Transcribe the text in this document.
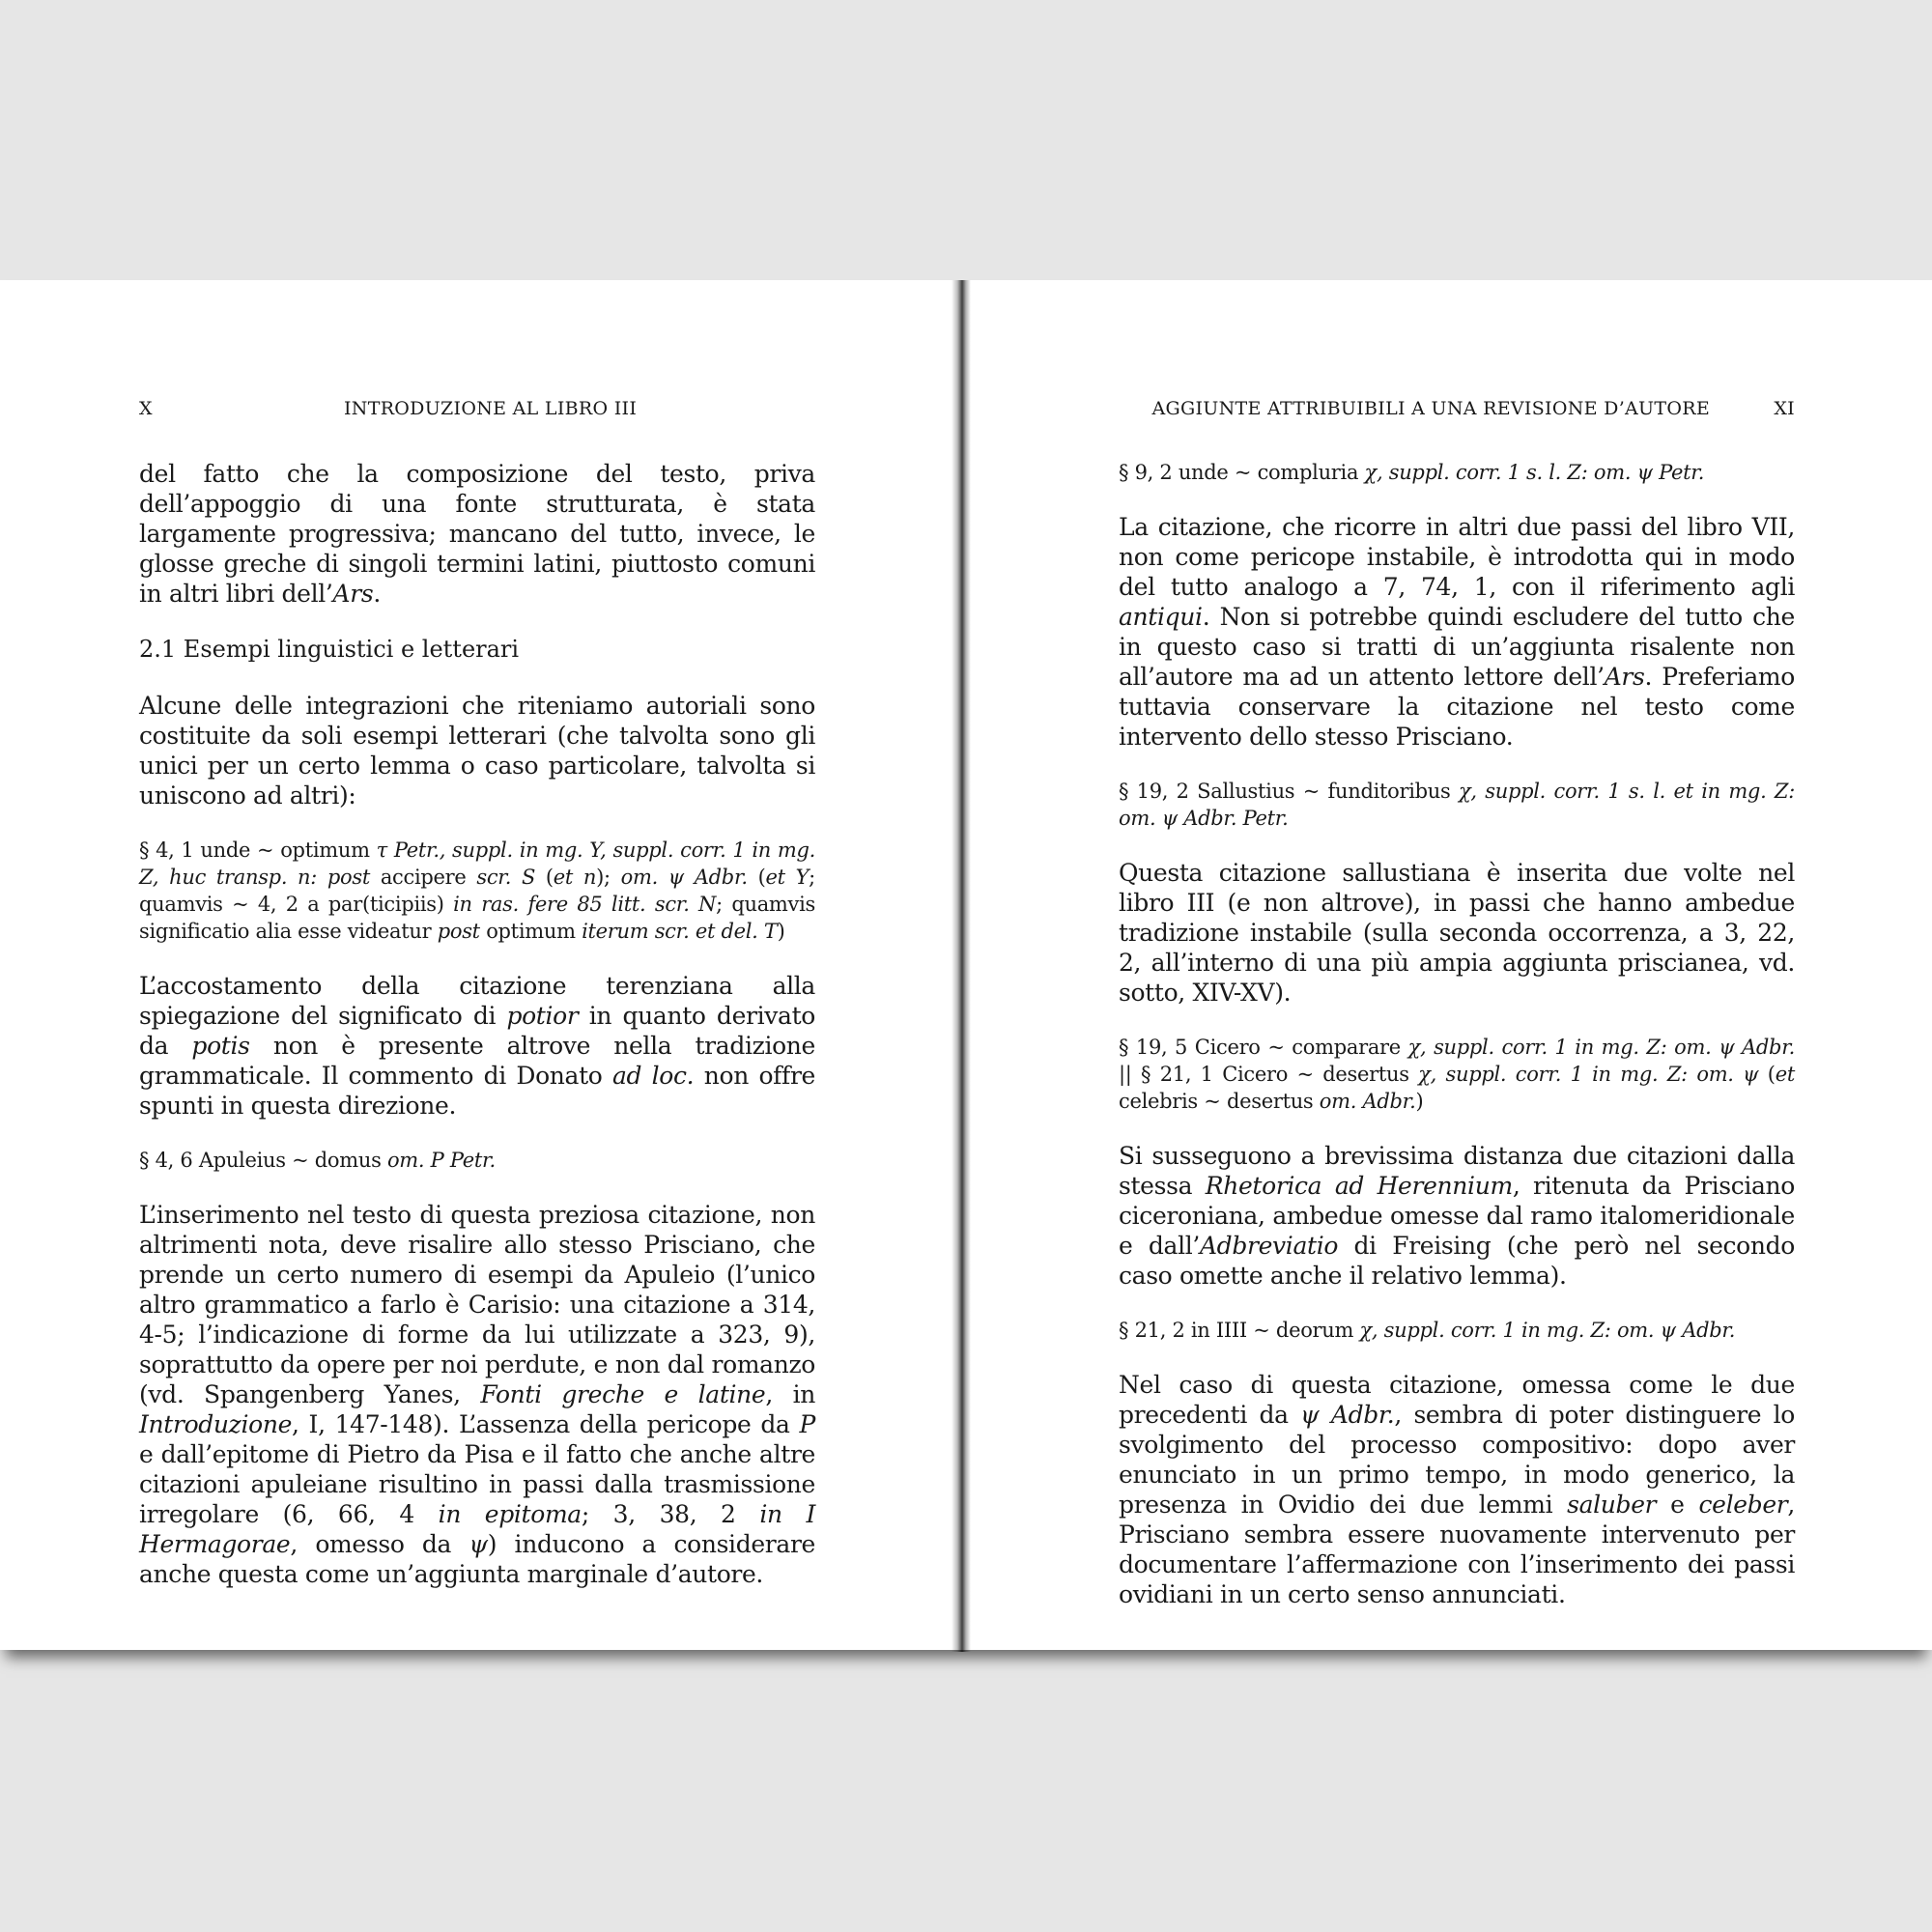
X	INTRODUZIONE AL LIBRO III

del fatto che la composizione del testo, priva dell’appoggio di una fonte strutturata, è stata largamente progressiva; mancano del tutto, invece, le glosse greche di singoli termini latini, piuttosto comuni in altri libri dell’Ars.

2.1 Esempi linguistici e letterari

Alcune delle integrazioni che riteniamo autoriali sono costituite da soli esempi letterari (che talvolta sono gli unici per un certo lemma o caso particolare, talvolta si uniscono ad altri):

§ 4, 1 unde ~ optimum τ Petr., suppl. in mg. Y, suppl. corr. 1 in mg. Z, huc transp. n: post accipere scr. S (et n); om. ψ Adbr. (et Y; quamvis ~ 4, 2 a par(ticipiis) in ras. fere 85 litt. scr. N; quamvis significatio alia esse videatur post optimum iterum scr. et del. T)

L’accostamento della citazione terenziana alla spiegazione del significato di potior in quanto derivato da potis non è presente altrove nella tradizione grammaticale. Il commento di Donato ad loc. non offre spunti in questa direzione.

§ 4, 6 Apuleius ~ domus om. P Petr.

L’inserimento nel testo di questa preziosa citazione, non altrimenti nota, deve risalire allo stesso Prisciano, che prende un certo numero di esempi da Apuleio (l’unico altro grammatico a farlo è Carisio: una citazione a 314, 4-5; l’indicazione di forme da lui utilizzate a 323, 9), soprattutto da opere per noi perdute, e non dal romanzo (vd. Spangenberg Yanes, Fonti greche e latine, in Introduzione, I, 147-148). L’assenza della pericope da P e dall’epitome di Pietro da Pisa e il fatto che anche altre citazioni apuleiane risultino in passi dalla trasmissione irregolare (6, 66, 4 in epitoma; 3, 38, 2 in I Hermagorae, omesso da ψ) inducono a considerare anche questa come un’aggiunta marginale d’autore.

AGGIUNTE ATTRIBUIBILI A UNA REVISIONE D’AUTORE	XI

§ 9, 2 unde ~ compluria χ, suppl. corr. 1 s. l. Z: om. ψ Petr.

La citazione, che ricorre in altri due passi del libro VII, non come pericope instabile, è introdotta qui in modo del tutto analogo a 7, 74, 1, con il riferimento agli antiqui. Non si potrebbe quindi escludere del tutto che in questo caso si tratti di un’aggiunta risalente non all’autore ma ad un attento lettore dell’Ars. Preferiamo tuttavia conservare la citazione nel testo come intervento dello stesso Prisciano.

§ 19, 2 Sallustius ~ funditoribus χ, suppl. corr. 1 s. l. et in mg. Z: om. ψ Adbr. Petr.

Questa citazione sallustiana è inserita due volte nel libro III (e non altrove), in passi che hanno ambedue tradizione instabile (sulla seconda occorrenza, a 3, 22, 2, all’interno di una più ampia aggiunta priscianea, vd. sotto, XIV-XV).

§ 19, 5 Cicero ~ comparare χ, suppl. corr. 1 in mg. Z: om. ψ Adbr. || § 21, 1 Cicero ~ desertus χ, suppl. corr. 1 in mg. Z: om. ψ (et celebris ~ desertus om. Adbr.)

Si susseguono a brevissima distanza due citazioni dalla stessa Rhetorica ad Herennium, ritenuta da Prisciano ciceroniana, ambedue omesse dal ramo italomeridionale e dall’Adbreviatio di Freising (che però nel secondo caso omette anche il relativo lemma).

§ 21, 2 in IIII ~ deorum χ, suppl. corr. 1 in mg. Z: om. ψ Adbr.

Nel caso di questa citazione, omessa come le due precedenti da ψ Adbr., sembra di poter distinguere lo svolgimento del processo compositivo: dopo aver enunciato in un primo tempo, in modo generico, la presenza in Ovidio dei due lemmi saluber e celeber, Prisciano sembra essere nuovamente intervenuto per documentare l’affermazione con l’inserimento dei passi ovidiani in un certo senso annunciati.
